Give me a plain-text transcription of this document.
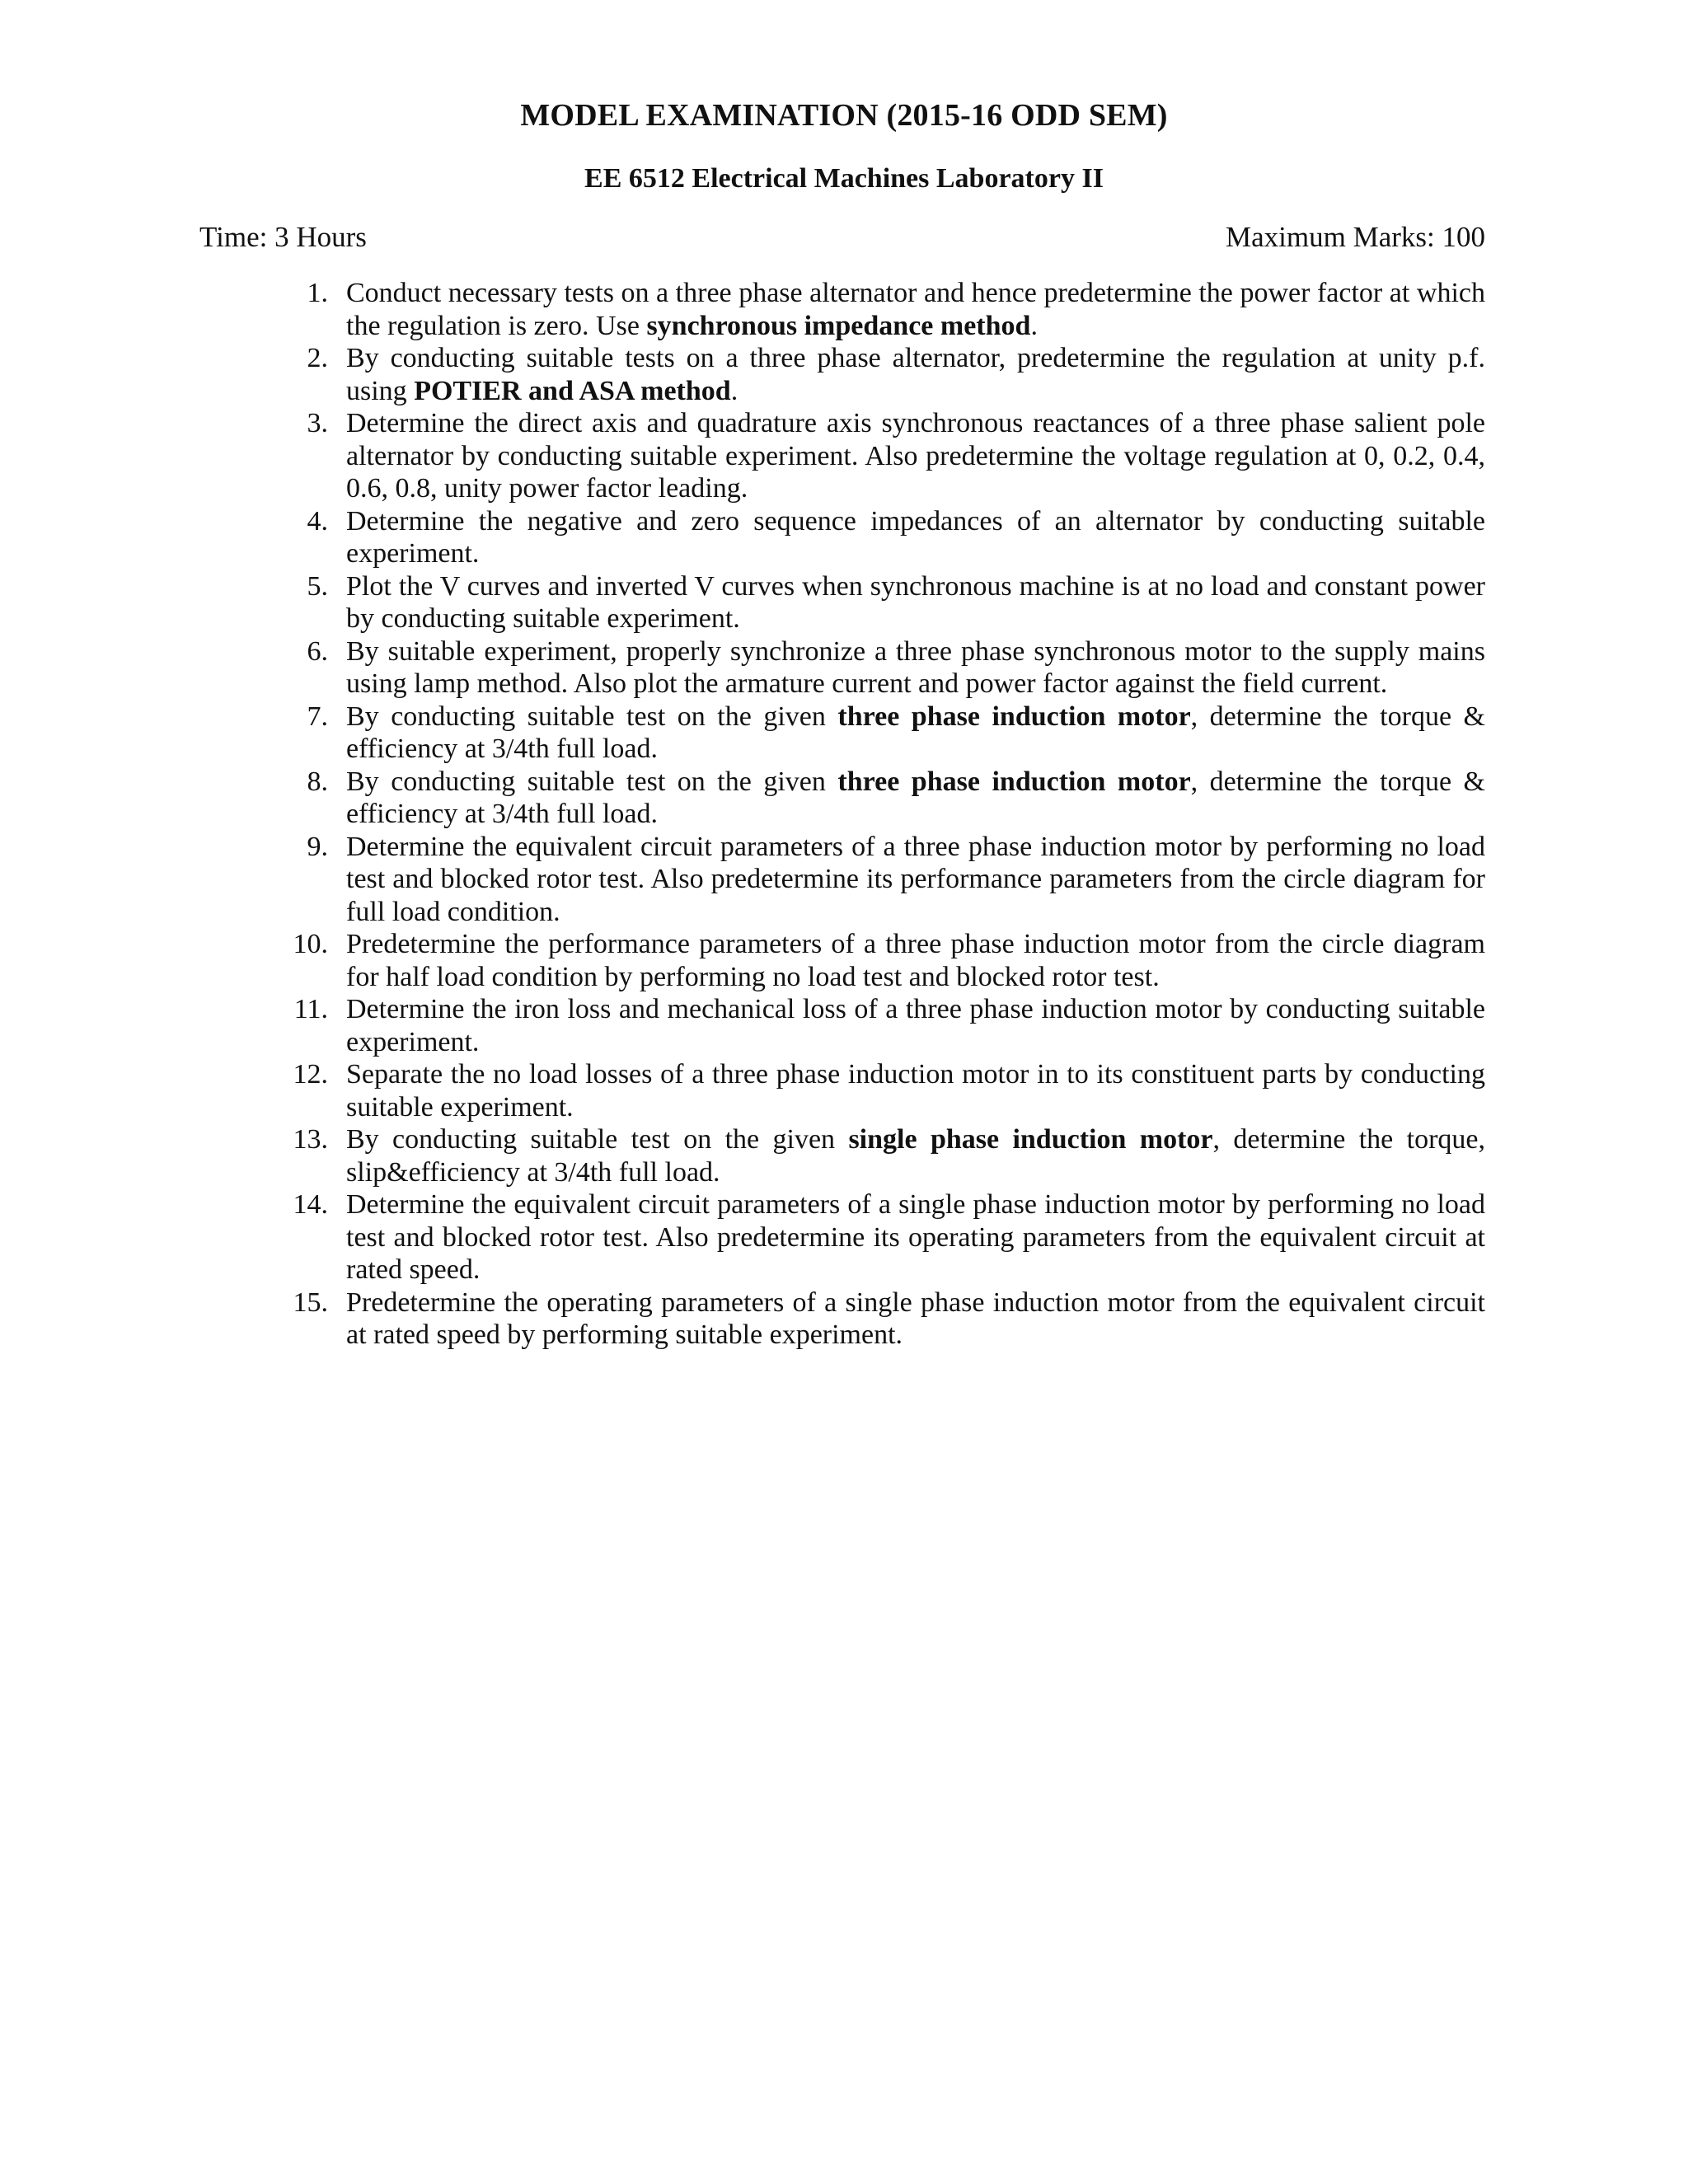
MODEL EXAMINATION (2015-16 ODD SEM)
EE 6512 Electrical Machines Laboratory II
Time: 3 Hours	Maximum Marks: 100
1. Conduct necessary tests on a three phase alternator and hence predetermine the power factor at which the regulation is zero. Use synchronous impedance method.
2. By conducting suitable tests on a three phase alternator, predetermine the regulation at unity p.f. using POTIER and ASA method.
3. Determine the direct axis and quadrature axis synchronous reactances of a three phase salient pole alternator by conducting suitable experiment. Also predetermine the voltage regulation at 0, 0.2, 0.4, 0.6, 0.8, unity power factor leading.
4. Determine the negative and zero sequence impedances of an alternator by conducting suitable experiment.
5. Plot the V curves and inverted V curves when synchronous machine is at no load and constant power by conducting suitable experiment.
6. By suitable experiment, properly synchronize a three phase synchronous motor to the supply mains using lamp method. Also plot the armature current and power factor against the field current.
7. By conducting suitable test on the given three phase induction motor, determine the torque & efficiency at 3/4th full load.
8. By conducting suitable test on the given three phase induction motor, determine the torque & efficiency at 3/4th full load.
9. Determine the equivalent circuit parameters of a three phase induction motor by performing no load test and blocked rotor test. Also predetermine its performance parameters from the circle diagram for full load condition.
10. Predetermine the performance parameters of a three phase induction motor from the circle diagram for half load condition by performing no load test and blocked rotor test.
11. Determine the iron loss and mechanical loss of a three phase induction motor by conducting suitable experiment.
12. Separate the no load losses of a three phase induction motor in to its constituent parts by conducting suitable experiment.
13. By conducting suitable test on the given single phase induction motor, determine the torque, slip&efficiency at 3/4th full load.
14. Determine the equivalent circuit parameters of a single phase induction motor by performing no load test and blocked rotor test. Also predetermine its operating parameters from the equivalent circuit at rated speed.
15. Predetermine the operating parameters of a single phase induction motor from the equivalent circuit at rated speed by performing suitable experiment.
